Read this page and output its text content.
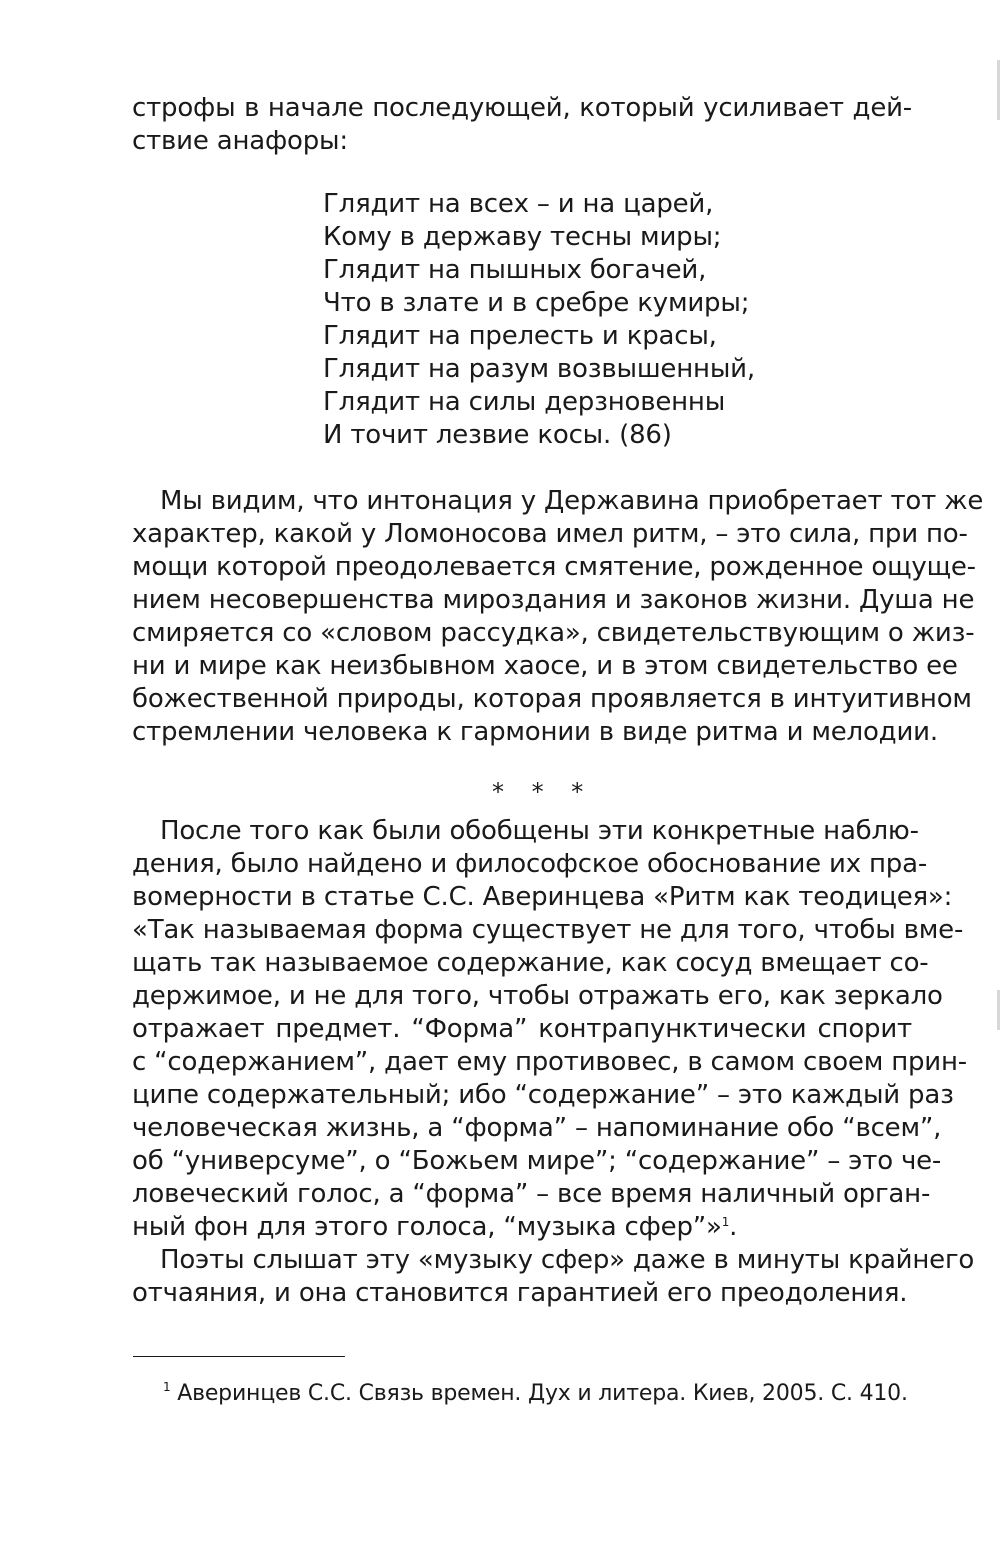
строфы в начале последующей, который усиливает дей-
ствие анафоры:
Глядит на всех – и на царей,
Кому в державу тесны миры;
Глядит на пышных богачей,
Что в злате и в сребре кумиры;
Глядит на прелесть и красы,
Глядит на разум возвышенный,
Глядит на силы дерзновенны
И точит лезвие косы. (86)
Мы видим, что интонация у Державина приобретает тот же
характер, какой у Ломоносова имел ритм, – это сила, при по-
мощи которой преодолевается смятение, рожденное ощуще-
нием несовершенства мироздания и законов жизни. Душа не
смиряется со «словом рассудка», свидетельствующим о жиз-
ни и мире как неизбывном хаосе, и в этом свидетельство ее
божественной природы, которая проявляется в интуитивном
стремлении человека к гармонии в виде ритма и мелодии.
* * *
После того как были обобщены эти конкретные наблю-
дения, было найдено и философское обоснование их пра-
вомерности в статье С.С. Аверинцева «Ритм как теодицея»:
«Так называемая форма существует не для того, чтобы вме-
щать так называемое содержание, как сосуд вмещает со-
держимое, и не для того, чтобы отражать его, как зеркало
отражает предмет. “Форма” контрапунктически спорит
с “содержанием”, дает ему противовес, в самом своем прин-
ципе содержательный; ибо “содержание” – это каждый раз
человеческая жизнь, а “форма” – напоминание обо “всем”,
об “универсуме”, о “Божьем мире”; “содержание” – это че-
ловеческий голос, а “форма” – все время наличный орган-
ный фон для этого голоса, “музыка сфер”»$^1$.
Поэты слышат эту «музыку сфер» даже в минуты крайнего
отчаяния, и она становится гарантией его преодоления.
$^1$ Аверинцев С.С. Связь времен. Дух и литера. Киев, 2005. С. 410.
